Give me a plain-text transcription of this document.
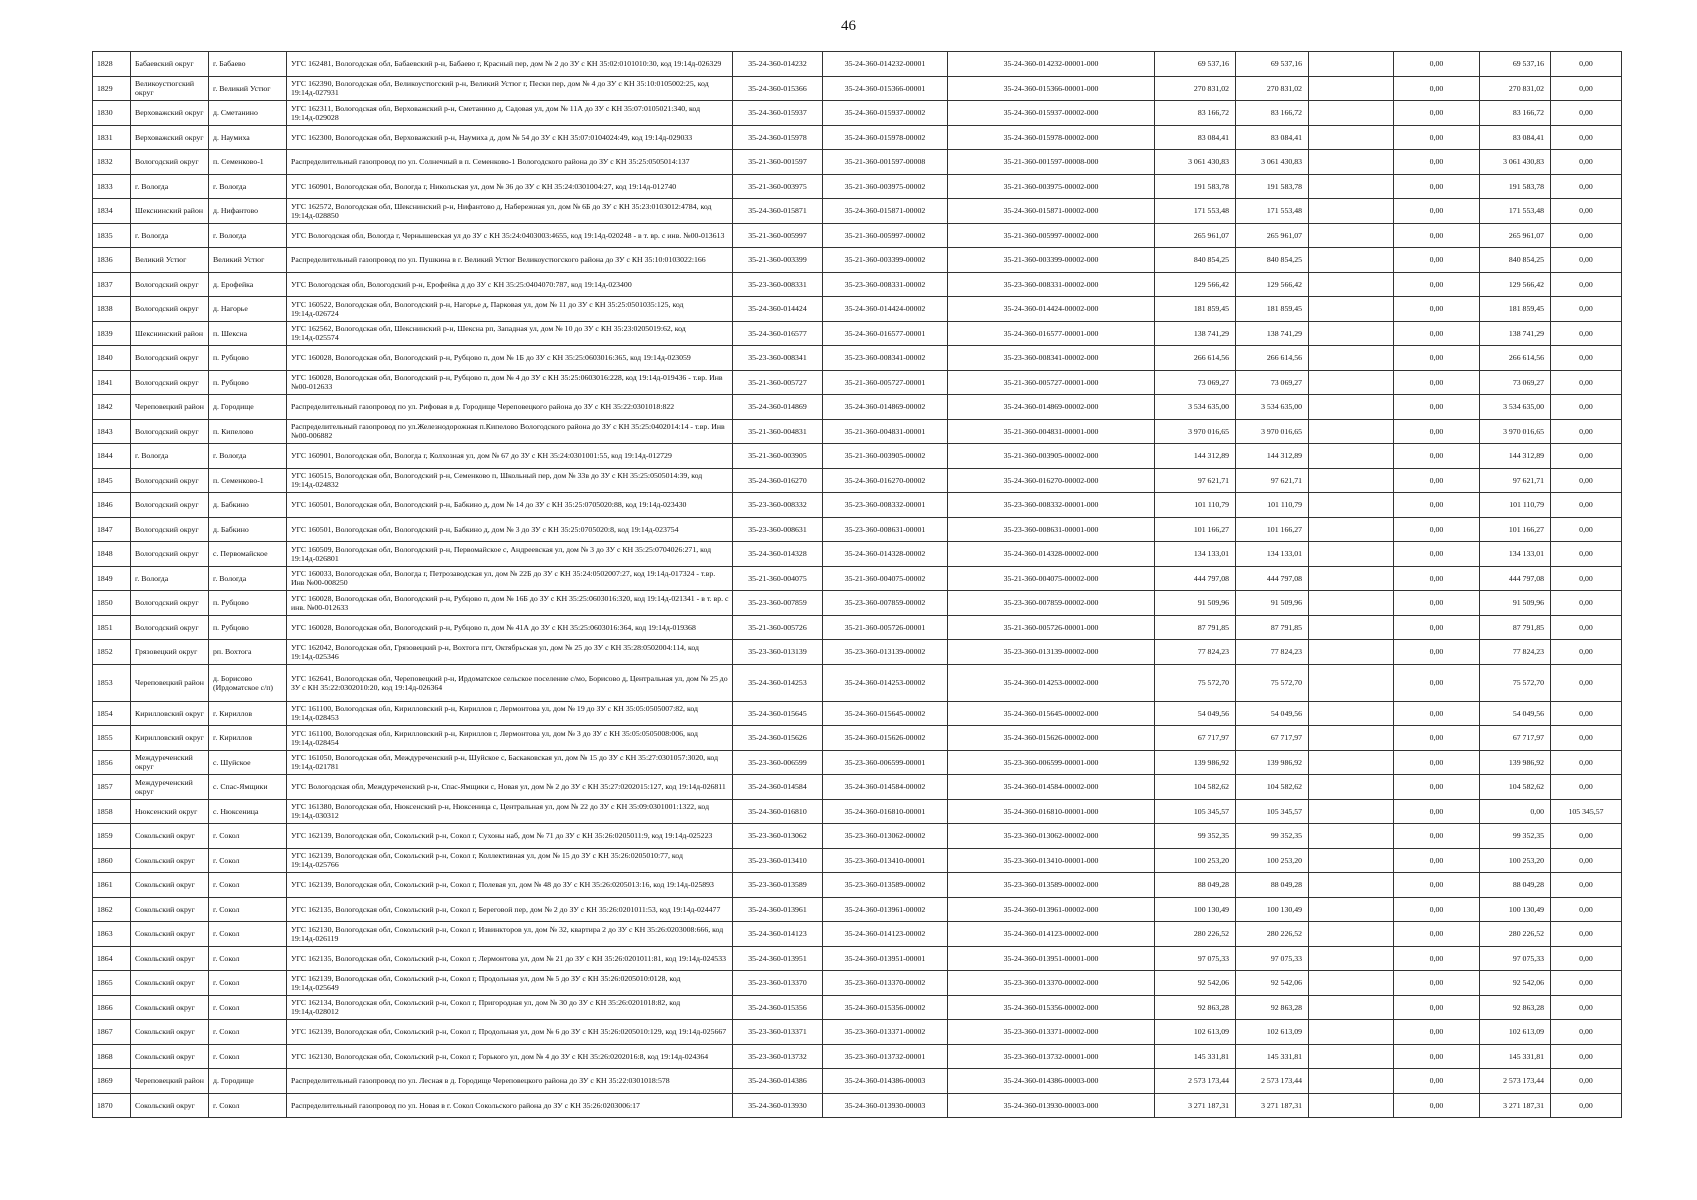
46
1828	Бабаевский округ	г. Бабаево	УГС 162481, Вологодская обл, Бабаевский р-н, Бабаево г, Красный пер, дом № 2 до ЗУ с КН 35:02:0101010:30, код 19:14д-026329	35-24-360-014232	35-24-360-014232-00001	35-24-360-014232-00001-000	69 537,16	69 537,16		0,00	69 537,16	0,00
1829	Великоустюгский округ	г. Великий Устюг	УГС 162390, Вологодская обл, Великоустюгский р-н, Великий Устюг г, Пески пер, дом № 4 до ЗУ с КН 35:10:0105002:25, код 19:14д-027931	35-24-360-015366	35-24-360-015366-00001	35-24-360-015366-00001-000	270 831,02	270 831,02		0,00	270 831,02	0,00
1830	Верховажский округ	д. Сметанино	УГС 162311, Вологодская обл, Верховажский р-н, Сметанино д, Садовая ул, дом № 11А до ЗУ с КН 35:07:0105021:340, код 19:14д-029028	35-24-360-015937	35-24-360-015937-00002	35-24-360-015937-00002-000	83 166,72	83 166,72		0,00	83 166,72	0,00
1831	Верховажский округ	д. Наумиха	УГС 162300, Вологодская обл, Верховажский р-н, Наумиха д, дом № 54 до ЗУ с КН 35:07:0104024:49, код 19:14д-029033	35-24-360-015978	35-24-360-015978-00002	35-24-360-015978-00002-000	83 084,41	83 084,41		0,00	83 084,41	0,00
1832	Вологодский округ	п. Семенково-1	Распределительный газопровод по ул. Солнечный в п. Семенково-1 Вологодского района до ЗУ с КН 35:25:0505014:137	35-21-360-001597	35-21-360-001597-00008	35-21-360-001597-00008-000	3 061 430,83	3 061 430,83		0,00	3 061 430,83	0,00
1833	г. Вологда	г. Вологда	УГС 160901, Вологодская обл, Вологда г, Никольская ул, дом № 36 до ЗУ с КН 35:24:0301004:27, код 19:14д-012740	35-21-360-003975	35-21-360-003975-00002	35-21-360-003975-00002-000	191 583,78	191 583,78		0,00	191 583,78	0,00
1834	Шекснинский район	д. Нифантово	УГС 162572, Вологодская обл, Шекснинский р-н, Нифантово д, Набережная ул, дом № 6Б до ЗУ с КН 35:23:0103012:4784, код 19:14д-028850	35-24-360-015871	35-24-360-015871-00002	35-24-360-015871-00002-000	171 553,48	171 553,48		0,00	171 553,48	0,00
1835	г. Вологда	г. Вологда	УГС Вологодская обл, Вологда г, Чернышевская ул до ЗУ с КН 35:24:0403003:4655, код 19:14д-020248 - в т. вр. с инв. №00-013613	35-21-360-005997	35-21-360-005997-00002	35-21-360-005997-00002-000	265 961,07	265 961,07		0,00	265 961,07	0,00
1836	Великий Устюг	Великий Устюг	Распределительный газопровод по ул. Пушкина в г. Великий Устюг Великоустюгского района до ЗУ с КН 35:10:0103022:166	35-21-360-003399	35-21-360-003399-00002	35-21-360-003399-00002-000	840 854,25	840 854,25		0,00	840 854,25	0,00
1837	Вологодский округ	д. Ерофейка	УГС Вологодская обл, Вологодский р-н, Ерофейка д до ЗУ с КН 35:25:0404070:787, код 19:14д-023400	35-23-360-008331	35-23-360-008331-00002	35-23-360-008331-00002-000	129 566,42	129 566,42		0,00	129 566,42	0,00
1838	Вологодский округ	д. Нагорье	УГС 160522, Вологодская обл, Вологодский р-н, Нагорье д, Парковая ул, дом № 11 до ЗУ с КН 35:25:0501035:125, код 19:14д-026724	35-24-360-014424	35-24-360-014424-00002	35-24-360-014424-00002-000	181 859,45	181 859,45		0,00	181 859,45	0,00
1839	Шекснинский район	п. Шексна	УГС 162562, Вологодская обл, Шекснинский р-н, Шексна рп, Западная ул, дом № 10 до ЗУ с КН 35:23:0205019:62, код 19:14д-025574	35-24-360-016577	35-24-360-016577-00001	35-24-360-016577-00001-000	138 741,29	138 741,29		0,00	138 741,29	0,00
1840	Вологодский округ	п. Рубцово	УГС 160028, Вологодская обл, Вологодский р-н, Рубцово п, дом № 1Б до ЗУ с КН 35:25:0603016:365, код 19:14д-023059	35-23-360-008341	35-23-360-008341-00002	35-23-360-008341-00002-000	266 614,56	266 614,56		0,00	266 614,56	0,00
1841	Вологодский округ	п. Рубцово	УГС 160028, Вологодская обл, Вологодский р-н, Рубцово п, дом № 4 до ЗУ с КН 35:25:0603016:228, код 19:14д-019436 - т.вр. Инв №00-012633	35-21-360-005727	35-21-360-005727-00001	35-21-360-005727-00001-000	73 069,27	73 069,27		0,00	73 069,27	0,00
1842	Череповецкий район	д. Городище	Распределительный газопровод по ул. Рифовая в д. Городище Череповецкого района до ЗУ с КН 35:22:0301018:822	35-24-360-014869	35-24-360-014869-00002	35-24-360-014869-00002-000	3 534 635,00	3 534 635,00		0,00	3 534 635,00	0,00
1843	Вологодский округ	п. Кипелово	Распределительный газопровод по ул.Железнодорожная п.Кипелово Вологодского района до ЗУ с КН 35:25:0402014:14 - т.вр. Инв №00-006882	35-21-360-004831	35-21-360-004831-00001	35-21-360-004831-00001-000	3 970 016,65	3 970 016,65		0,00	3 970 016,65	0,00
1844	г. Вологда	г. Вологда	УГС 160901, Вологодская обл, Вологда г, Колхозная ул, дом № 67 до ЗУ с КН 35:24:0301001:55, код 19:14д-012729	35-21-360-003905	35-21-360-003905-00002	35-21-360-003905-00002-000	144 312,89	144 312,89		0,00	144 312,89	0,00
1845	Вологодский округ	п. Семенково-1	УГС 160515, Вологодская обл, Вологодский р-н, Семенково п, Школьный пер, дом № 33в до ЗУ с КН 35:25:0505014:39, код 19:14д-024832	35-24-360-016270	35-24-360-016270-00002	35-24-360-016270-00002-000	97 621,71	97 621,71		0,00	97 621,71	0,00
1846	Вологодский округ	д. Бабкино	УГС 160501, Вологодская обл, Вологодский р-н, Бабкино д, дом № 14 до ЗУ с КН 35:25:0705020:88, код 19:14д-023430	35-23-360-008332	35-23-360-008332-00001	35-23-360-008332-00001-000	101 110,79	101 110,79		0,00	101 110,79	0,00
1847	Вологодский округ	д. Бабкино	УГС 160501, Вологодская обл, Вологодский р-н, Бабкино д, дом № 3 до ЗУ с КН 35:25:0705020:8, код 19:14д-023754	35-23-360-008631	35-23-360-008631-00001	35-23-360-008631-00001-000	101 166,27	101 166,27		0,00	101 166,27	0,00
1848	Вологодский округ	с. Первомайское	УГС 160509, Вологодская обл, Вологодский р-н, Первомайское с, Андреевская ул, дом № 3 до ЗУ с КН 35:25:0704026:271, код 19:14д-026801	35-24-360-014328	35-24-360-014328-00002	35-24-360-014328-00002-000	134 133,01	134 133,01		0,00	134 133,01	0,00
1849	г. Вологда	г. Вологда	УГС 160033, Вологодская обл, Вологда г, Петрозаводская ул, дом № 22Б до ЗУ с КН 35:24:0502007:27, код 19:14д-017324 - т.вр. Инв №00-008250	35-21-360-004075	35-21-360-004075-00002	35-21-360-004075-00002-000	444 797,08	444 797,08		0,00	444 797,08	0,00
1850	Вологодский округ	п. Рубцово	УГС 160028, Вологодская обл, Вологодский р-н, Рубцово п, дом № 16Б до ЗУ с КН 35:25:0603016:320, код 19:14д-021341 - в т. вр. с инв. №00-012633	35-23-360-007859	35-23-360-007859-00002	35-23-360-007859-00002-000	91 509,96	91 509,96		0,00	91 509,96	0,00
1851	Вологодский округ	п. Рубцово	УГС 160028, Вологодская обл, Вологодский р-н, Рубцово п, дом № 41А до ЗУ с КН 35:25:0603016:364, код 19:14д-019368	35-21-360-005726	35-21-360-005726-00001	35-21-360-005726-00001-000	87 791,85	87 791,85		0,00	87 791,85	0,00
1852	Грязовецкий округ	рп. Вохтога	УГС 162042, Вологодская обл, Грязовецкий р-н, Вохтога пгт, Октябрьская ул, дом № 25 до ЗУ с КН 35:28:0502004:114, код 19:14д-025346	35-23-360-013139	35-23-360-013139-00002	35-23-360-013139-00002-000	77 824,23	77 824,23		0,00	77 824,23	0,00
1853	Череповецкий район	д. Борисово (Ирдоматское с/п)	УГС 162641, Вологодская обл, Череповецкий р-н, Ирдоматское сельское поселение с/мо, Борисово д, Центральная ул, дом № 25 до ЗУ с КН 35:22:0302010:20, код 19:14д-026364	35-24-360-014253	35-24-360-014253-00002	35-24-360-014253-00002-000	75 572,70	75 572,70		0,00	75 572,70	0,00
1854	Кирилловский округ	г. Кириллов	УГС 161100, Вологодская обл, Кирилловский р-н, Кириллов г, Лермонтова ул, дом № 19 до ЗУ с КН 35:05:0505007:82, код 19:14д-028453	35-24-360-015645	35-24-360-015645-00002	35-24-360-015645-00002-000	54 049,56	54 049,56		0,00	54 049,56	0,00
1855	Кирилловский округ	г. Кириллов	УГС 161100, Вологодская обл, Кирилловский р-н, Кириллов г, Лермонтова ул, дом № 3 до ЗУ с КН 35:05:0505008:006, код 19:14д-028454	35-24-360-015626	35-24-360-015626-00002	35-24-360-015626-00002-000	67 717,97	67 717,97		0,00	67 717,97	0,00
1856	Междуреченский округ	с. Шуйское	УГС 161050, Вологодская обл, Междуреченский р-н, Шуйское с, Баскаковская ул, дом № 15 до ЗУ с КН 35:27:0301057:3020, код 19:14д-021781	35-23-360-006599	35-23-360-006599-00001	35-23-360-006599-00001-000	139 986,92	139 986,92		0,00	139 986,92	0,00
1857	Междуреченский округ	с. Спас-Ямщики	УГС Вологодская обл, Междуреченский р-н, Спас-Ямщики с, Новая ул, дом № 2 до ЗУ с КН 35:27:0202015:127, код 19:14д-026811	35-24-360-014584	35-24-360-014584-00002	35-24-360-014584-00002-000	104 582,62	104 582,62		0,00	104 582,62	0,00
1858	Нюксенский округ	с. Нюксеница	УГС 161380, Вологодская обл, Нюксенский р-н, Нюксеница с, Центральная ул, дом № 22 до ЗУ с КН 35:09:0301001:1322, код 19:14д-030312	35-24-360-016810	35-24-360-016810-00001	35-24-360-016810-00001-000	105 345,57	105 345,57		0,00	0,00	105 345,57
1859	Сокольский округ	г. Сокол	УГС 162139, Вологодская обл, Сокольский р-н, Сокол г, Сухоны наб, дом № 71 до ЗУ с КН 35:26:0205011:9, код 19:14д-025223	35-23-360-013062	35-23-360-013062-00002	35-23-360-013062-00002-000	99 352,35	99 352,35		0,00	99 352,35	0,00
1860	Сокольский округ	г. Сокол	УГС 162139, Вологодская обл, Сокольский р-н, Сокол г, Коллективная ул, дом № 15 до ЗУ с КН 35:26:0205010:77, код 19:14д-025766	35-23-360-013410	35-23-360-013410-00001	35-23-360-013410-00001-000	100 253,20	100 253,20		0,00	100 253,20	0,00
1861	Сокольский округ	г. Сокол	УГС 162139, Вологодская обл, Сокольский р-н, Сокол г, Полевая ул, дом № 48 до ЗУ с КН 35:26:0205013:16, код 19:14д-025893	35-23-360-013589	35-23-360-013589-00002	35-23-360-013589-00002-000	88 049,28	88 049,28		0,00	88 049,28	0,00
1862	Сокольский округ	г. Сокол	УГС 162135, Вологодская обл, Сокольский р-н, Сокол г, Береговой пер, дом № 2 до ЗУ с КН 35:26:0201011:53, код 19:14д-024477	35-24-360-013961	35-24-360-013961-00002	35-24-360-013961-00002-000	100 130,49	100 130,49		0,00	100 130,49	0,00
1863	Сокольский округ	г. Сокол	УГС 162130, Вологодская обл, Сокольский р-н, Сокол г, Извинкторов ул, дом № 32, квартира 2 до ЗУ с КН 35:26:0203008:666, код 19:14д-026119	35-24-360-014123	35-24-360-014123-00002	35-24-360-014123-00002-000	280 226,52	280 226,52		0,00	280 226,52	0,00
1864	Сокольский округ	г. Сокол	УГС 162135, Вологодская обл, Сокольский р-н, Сокол г, Лермонтова ул, дом № 21 до ЗУ с КН 35:26:0201011:81, код 19:14д-024533	35-24-360-013951	35-24-360-013951-00001	35-24-360-013951-00001-000	97 075,33	97 075,33		0,00	97 075,33	0,00
1865	Сокольский округ	г. Сокол	УГС 162139, Вологодская обл, Сокольский р-н, Сокол г, Продольная ул, дом № 5 до ЗУ с КН 35:26:0205010:0128, код 19:14д-025649	35-23-360-013370	35-23-360-013370-00002	35-23-360-013370-00002-000	92 542,06	92 542,06		0,00	92 542,06	0,00
1866	Сокольский округ	г. Сокол	УГС 162134, Вологодская обл, Сокольский р-н, Сокол г, Пригородная ул, дом № 30 до ЗУ с КН 35:26:0201018:82, код 19:14д-028012	35-24-360-015356	35-24-360-015356-00002	35-24-360-015356-00002-000	92 863,28	92 863,28		0,00	92 863,28	0,00
1867	Сокольский округ	г. Сокол	УГС 162139, Вологодская обл, Сокольский р-н, Сокол г, Продольная ул, дом № 6 до ЗУ с КН 35:26:0205010:129, код 19:14д-025667	35-23-360-013371	35-23-360-013371-00002	35-23-360-013371-00002-000	102 613,09	102 613,09		0,00	102 613,09	0,00
1868	Сокольский округ	г. Сокол	УГС 162130, Вологодская обл, Сокольский р-н, Сокол г, Горького ул, дом № 4 до ЗУ с КН 35:26:0202016:8, код 19:14д-024364	35-23-360-013732	35-23-360-013732-00001	35-23-360-013732-00001-000	145 331,81	145 331,81		0,00	145 331,81	0,00
1869	Череповецкий район	д. Городище	Распределительный газопровод по ул. Лесная в д. Городище Череповецкого района до ЗУ с КН 35:22:0301018:578	35-24-360-014386	35-24-360-014386-00003	35-24-360-014386-00003-000	2 573 173,44	2 573 173,44		0,00	2 573 173,44	0,00
1870	Сокольский округ	г. Сокол	Распределительный газопровод по ул. Новая в г. Сокол Сокольского района до ЗУ с КН 35:26:0203006:17	35-24-360-013930	35-24-360-013930-00003	35-24-360-013930-00003-000	3 271 187,31	3 271 187,31		0,00	3 271 187,31	0,00
